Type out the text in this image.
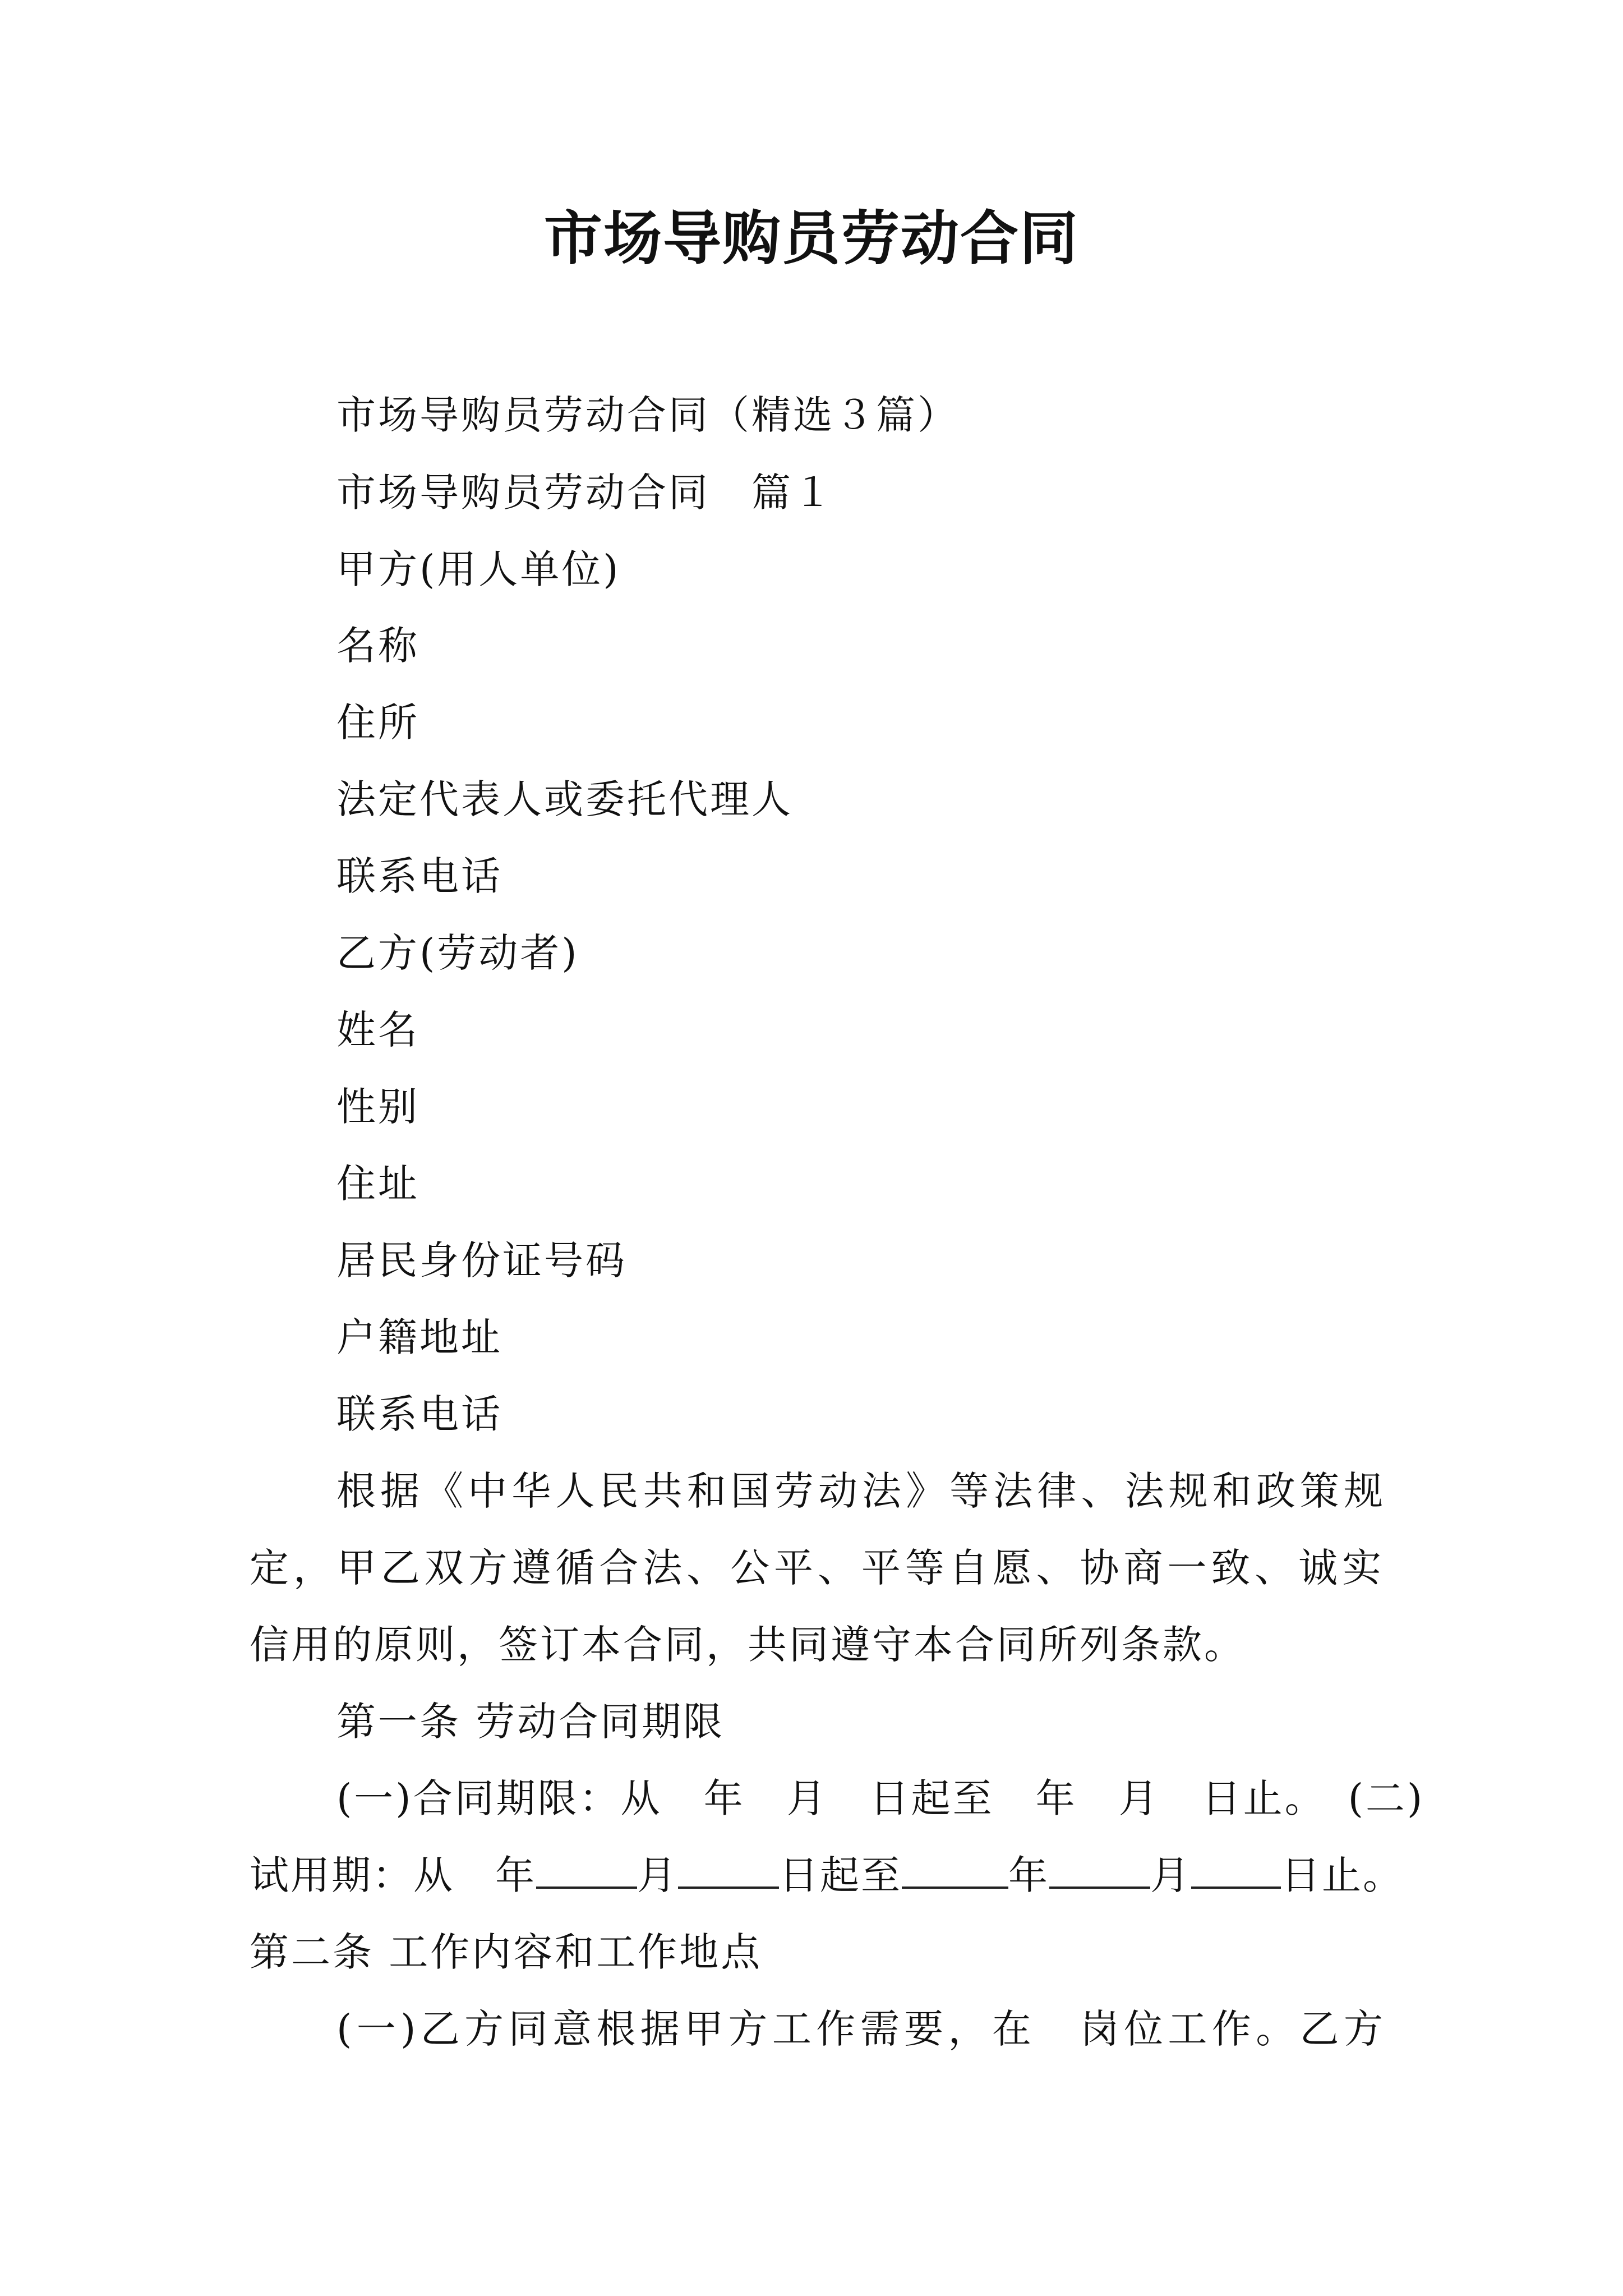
市场导购员劳动合同
市场导购员劳动合同（精选３篇）
市场导购员劳动合同　篇１
甲方(用人单位)
名称
住所
法定代表人或委托代理人
联系电话
乙方(劳动者)
姓名
性别
住址
居民身份证号码
户籍地址
联系电话
根据《中华人民共和国劳动法》等法律、法规和政策规
定，甲乙双方遵循合法、公平、平等自愿、协商一致、诚实
信用的原则，签订本合同，共同遵守本合同所列条款。
第一条 劳动合同期限
(一)合同期限：从　年　月　日起至　年　月　日止。　(二)
试用期：从　年	月	日起至	年	月 日止。
第二条 工作内容和工作地点
(一)乙方同意根据甲方工作需要，在　岗位工作。乙方
